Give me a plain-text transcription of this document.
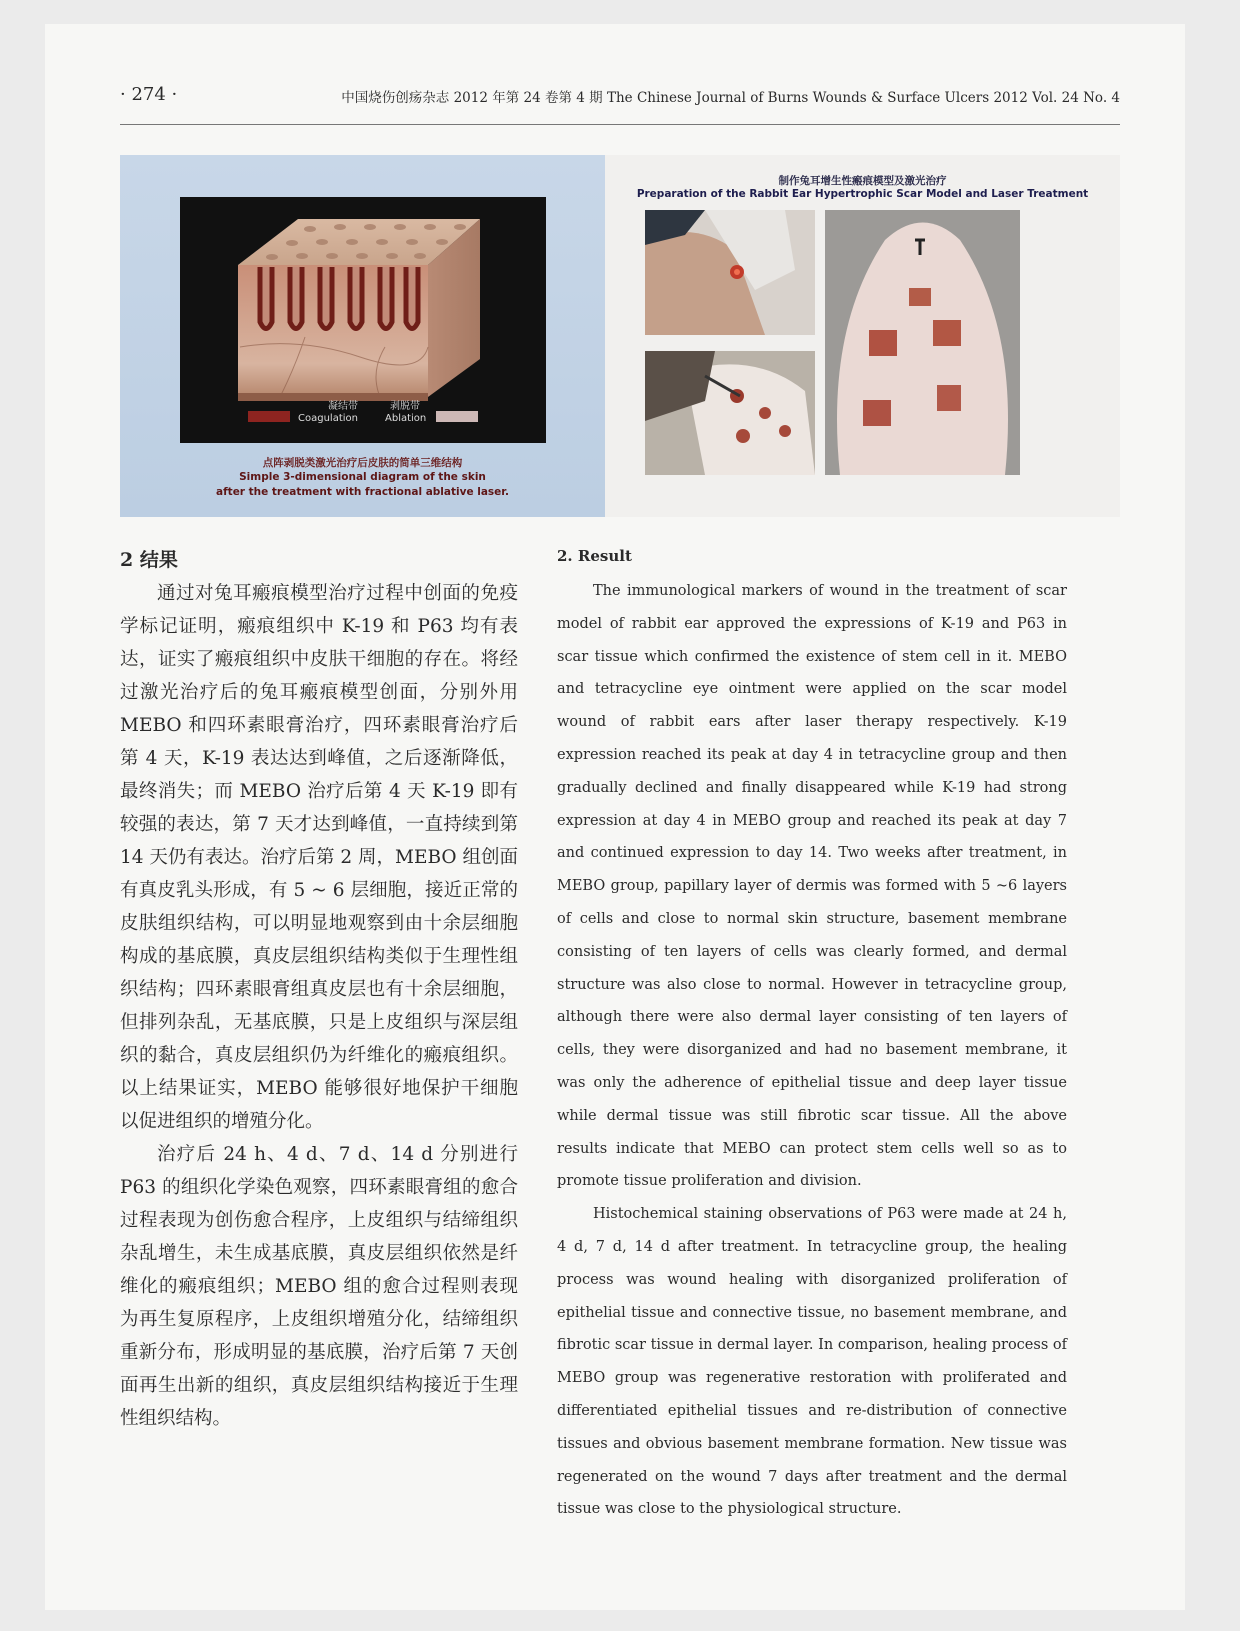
· 274 ·	中国烧伤创疡杂志 2012 年第 24 卷第 4 期 The Chinese Journal of Burns Wounds & Surface Ulcers 2012 Vol. 24 No. 4
凝结带
Coagulation
剥脱带
Ablation
点阵剥脱类激光治疗后皮肤的简单三维结构
Simple 3-dimensional diagram of the skin
after the treatment with fractional ablative laser.
制作兔耳增生性瘢痕模型及激光治疗
Preparation of the Rabbit Ear Hypertrophic Scar Model and Laser Treatment
2 结果	2. Result

通过对兔耳瘢痕模型治疗过程中创面的免疫学标记证明，瘢痕组织中 K-19 和 P63 均有表达，证实了瘢痕组织中皮肤干细胞的存在。将经过激光治疗后的兔耳瘢痕模型创面，分别外用 MEBO 和四环素眼膏治疗，四环素眼膏治疗后第 4 天，K-19 表达达到峰值，之后逐渐降低，最终消失；而 MEBO 治疗后第 4 天 K-19 即有较强的表达，第 7 天才达到峰值，一直持续到第 14 天仍有表达。治疗后第 2 周，MEBO 组创面有真皮乳头形成，有 5 ~ 6 层细胞，接近正常的皮肤组织结构，可以明显地观察到由十余层细胞构成的基底膜，真皮层组织结构类似于生理性组织结构；四环素眼膏组真皮层也有十余层细胞，但排列杂乱，无基底膜，只是上皮组织与深层组织的黏合，真皮层组织仍为纤维化的瘢痕组织。以上结果证实，MEBO 能够很好地保护干细胞以促进组织的增殖分化。

治疗后 24 h、4 d、7 d、14 d 分别进行 P63 的组织化学染色观察，四环素眼膏组的愈合过程表现为创伤愈合程序，上皮组织与结缔组织杂乱增生，未生成基底膜，真皮层组织依然是纤维化的瘢痕组织；MEBO 组的愈合过程则表现为再生复原程序，上皮组织增殖分化，结缔组织重新分布，形成明显的基底膜，治疗后第 7 天创面再生出新的组织，真皮层组织结构接近于生理性组织结构。

The immunological markers of wound in the treatment of scar model of rabbit ear approved the expressions of K-19 and P63 in scar tissue which confirmed the existence of stem cell in it. MEBO and tetracycline eye ointment were applied on the scar model wound of rabbit ears after laser therapy respectively. K-19 expression reached its peak at day 4 in tetracycline group and then gradually declined and finally disappeared while K-19 had strong expression at day 4 in MEBO group and reached its peak at day 7 and continued expression to day 14. Two weeks after treatment, in MEBO group, papillary layer of dermis was formed with 5 ~6 layers of cells and close to normal skin structure, basement membrane consisting of ten layers of cells was clearly formed, and dermal structure was also close to normal. However in tetracycline group, although there were also dermal layer consisting of ten layers of cells, they were disorganized and had no basement membrane, it was only the adherence of epithelial tissue and deep layer tissue while dermal tissue was still fibrotic scar tissue. All the above results indicate that MEBO can protect stem cells well so as to promote tissue proliferation and division.

Histochemical staining observations of P63 were made at 24 h, 4 d, 7 d, 14 d after treatment. In tetracycline group, the healing process was wound healing with disorganized proliferation of epithelial tissue and connective tissue, no basement membrane, and fibrotic scar tissue in dermal layer. In comparison, healing process of MEBO group was regenerative restoration with proliferated and differentiated epithelial tissues and re-distribution of connective tissues and obvious basement membrane formation. New tissue was regenerated on the wound 7 days after treatment and the dermal tissue was close to the physiological structure.
